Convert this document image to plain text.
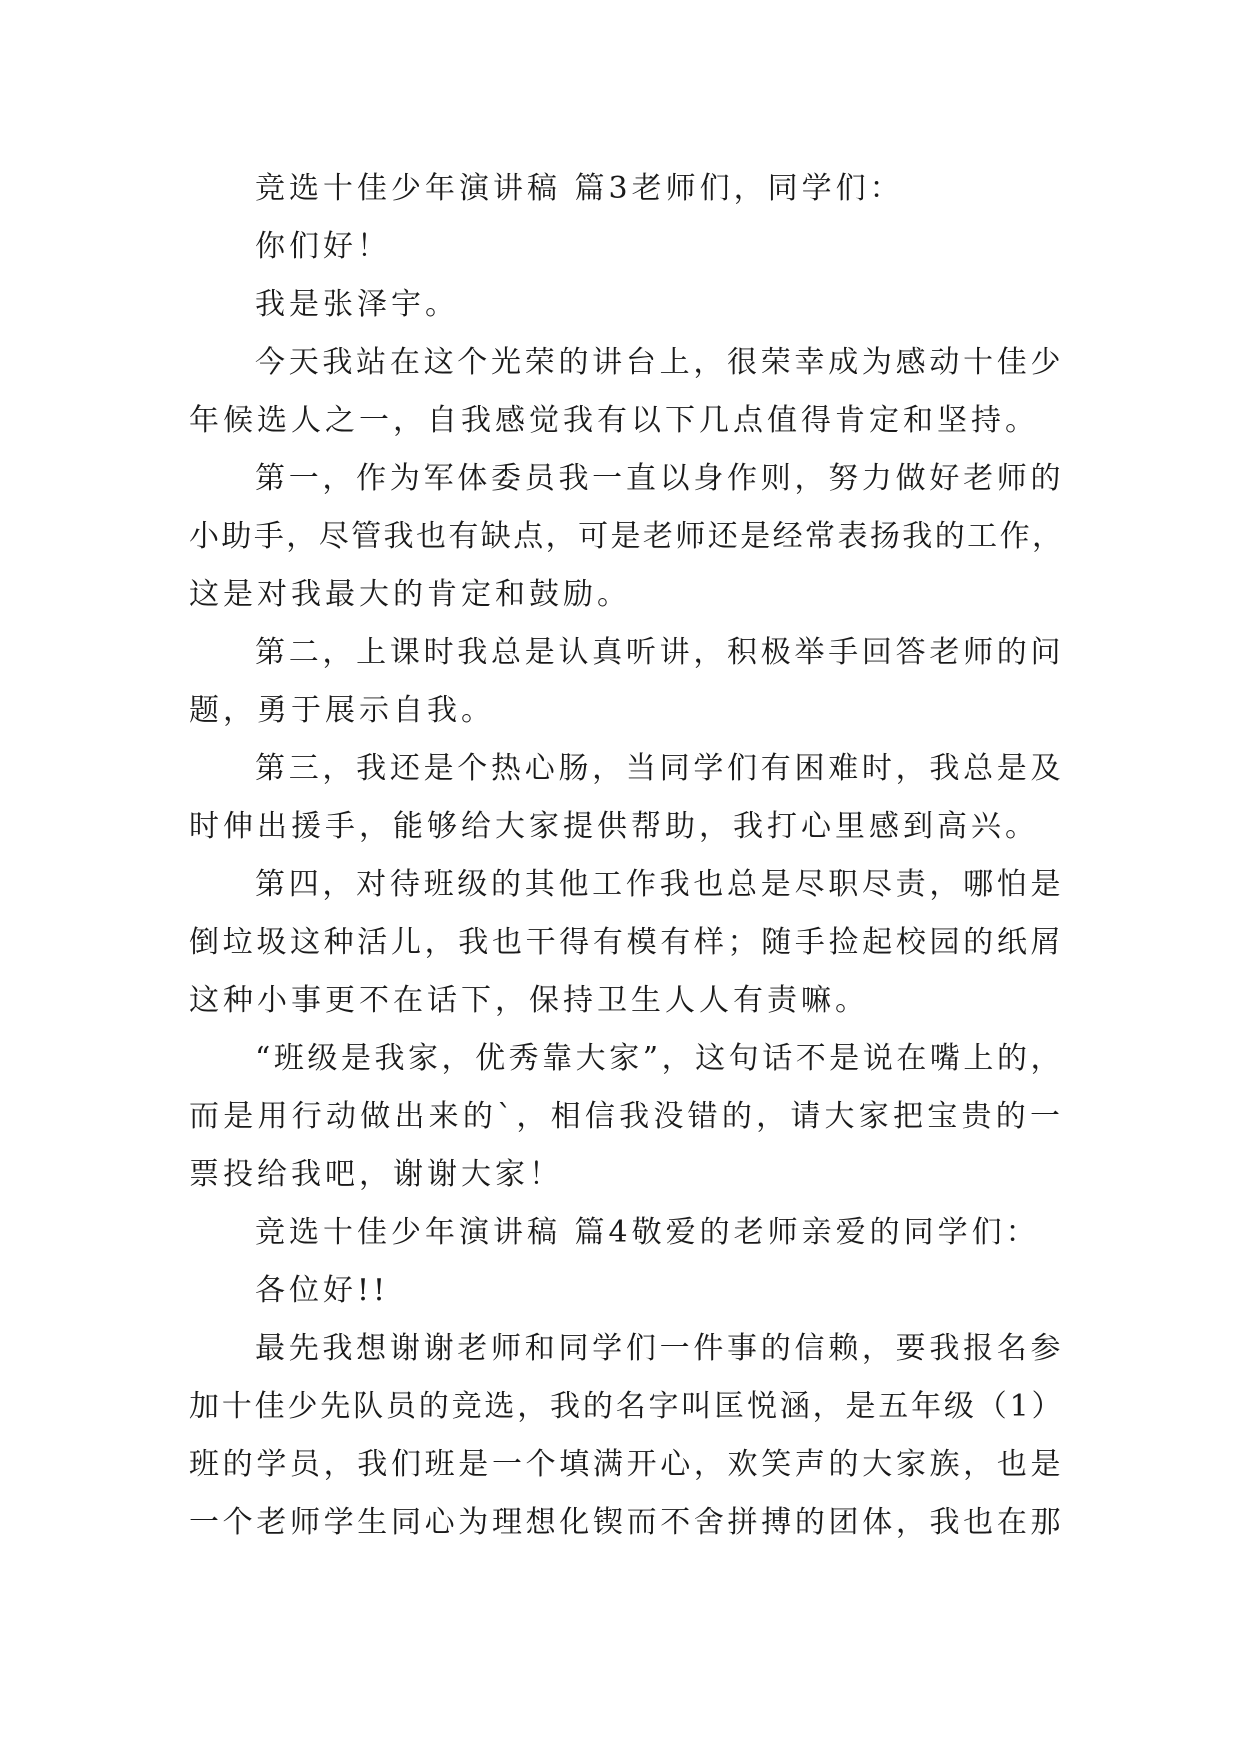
竞选十佳少年演讲稿 篇3老师们，同学们：
你们好！
我是张泽宇。
今天我站在这个光荣的讲台上，很荣幸成为感动十佳少
年候选人之一，自我感觉我有以下几点值得肯定和坚持。
第一，作为军体委员我一直以身作则，努力做好老师的
小助手，尽管我也有缺点，可是老师还是经常表扬我的工作，
这是对我最大的肯定和鼓励。
第二，上课时我总是认真听讲，积极举手回答老师的问
题，勇于展示自我。
第三，我还是个热心肠，当同学们有困难时，我总是及
时伸出援手，能够给大家提供帮助，我打心里感到高兴。
第四，对待班级的其他工作我也总是尽职尽责，哪怕是
倒垃圾这种活儿，我也干得有模有样；随手捡起校园的纸屑
这种小事更不在话下，保持卫生人人有责嘛。
“班级是我家，优秀靠大家”，这句话不是说在嘴上的，
而是用行动做出来的`，相信我没错的，请大家把宝贵的一
票投给我吧，谢谢大家！
竞选十佳少年演讲稿 篇4敬爱的老师亲爱的同学们：
各位好!!
最先我想谢谢老师和同学们一件事的信赖，要我报名参
加十佳少先队员的竞选，我的名字叫匡悦涵，是五年级（1）
班的学员，我们班是一个填满开心，欢笑声的大家族，也是
一个老师学生同心为理想化锲而不舍拼搏的团体，我也在那
